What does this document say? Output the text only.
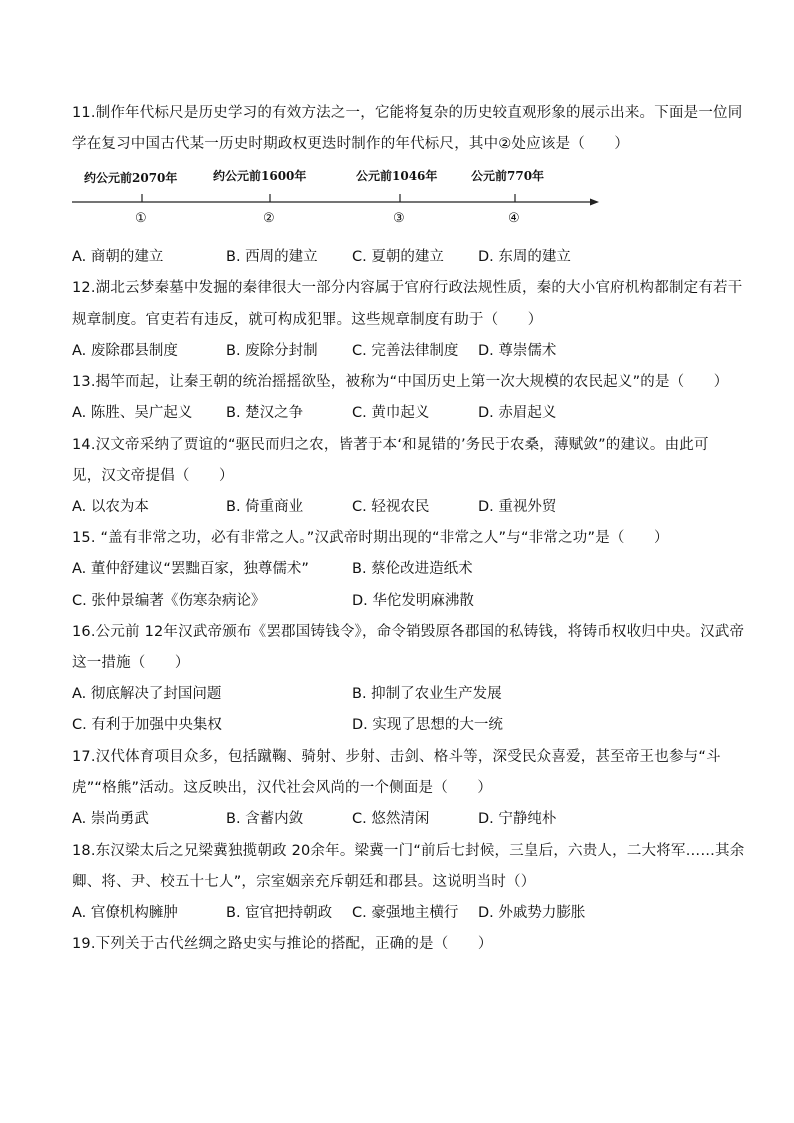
11.制作年代标尺是历史学习的有效方法之一，它能将复杂的历史较直观形象的展示出来。下面是一位同
学在复习中国古代某一历史时期政权更迭时制作的年代标尺，其中②处应该是（　　）
约公元前2070年	约公元前1600年	公元前1046年	公元前770年
①	②	③	④
A. 商朝的建立	B. 西周的建立 C. 夏朝的建立 D. 东周的建立
12.湖北云梦秦墓中发掘的秦律很大一部分内容属于官府行政法规性质，秦的大小官府机构都制定有若干
规章制度。官吏若有违反，就可构成犯罪。这些规章制度有助于（　　）
A. 废除郡县制度	B. 废除分封制 C. 完善法律制度 D. 尊崇儒术
13.揭竿而起，让秦王朝的统治摇摇欲坠，被称为“中国历史上第一次大规模的农民起义”的是（　　）
A. 陈胜、吴广起义 B. 楚汉之争	C. 黄巾起义	D. 赤眉起义
14.汉文帝采纳了贾谊的“驱民而归之农，皆著于本‘和晁错的’务民于农桑，薄赋敛”的建议。由此可
见，汉文帝提倡（　　）
A. 以农为本	B. 倚重商业	C. 轻视农民	D. 重视外贸
15. “盖有非常之功，必有非常之人。”汉武帝时期出现的“非常之人”与“非常之功”是（　　）
A. 董仲舒建议“罢黜百家，独尊儒术”	B. 蔡伦改进造纸术
C. 张仲景编著《伤寒杂病论》	D. 华佗发明麻沸散
16.公元前 12年汉武帝颁布《罢郡国铸钱令》，命令销毁原各郡国的私铸钱，将铸币权收归中央。汉武帝
这一措施（　　）
A. 彻底解决了封国问题	B. 抑制了农业生产发展
C. 有利于加强中央集权	D. 实现了思想的大一统
17.汉代体育项目众多，包括蹴鞠、骑射、步射、击剑、格斗等，深受民众喜爱，甚至帝王也参与“斗
虎”“格熊”活动。这反映出，汉代社会风尚的一个侧面是（　　）
A. 崇尚勇武	B. 含蓄内敛	C. 悠然清闲	D. 宁静纯朴
18.东汉梁太后之兄梁冀独揽朝政 20余年。梁冀一门“前后七封候，三皇后，六贵人，二大将军……其余
卿、将、尹、校五十七人”，宗室姻亲充斥朝廷和郡县。这说明当时（）
A. 官僚机构臃肿	B. 宦官把持朝政 C. 豪强地主横行 D. 外戚势力膨胀
19.下列关于古代丝绸之路史实与推论的搭配，正确的是（　　）
